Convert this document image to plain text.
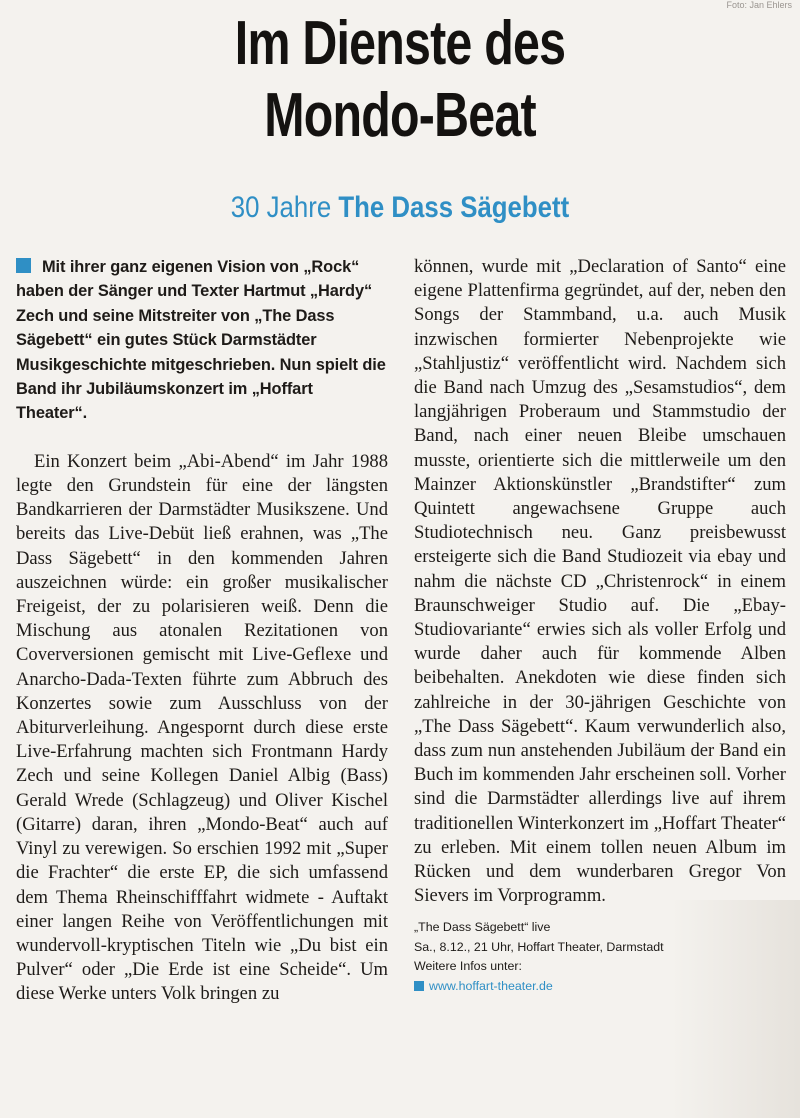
Foto: Jan Ehlers
Im Dienste des
Mondo-Beat
30 Jahre The Dass Sägebett

Mit ihrer ganz eigenen Vision von „Rock“ haben der Sänger und Texter Hartmut „Hardy“ Zech und seine Mitstreiter von „The Dass Sägebett“ ein gutes Stück Darmstädter Musikgeschichte mitgeschrieben. Nun spielt die Band ihr Jubiläumskonzert im „Hoffart Theater“.

Ein Konzert beim „Abi-Abend“ im Jahr 1988 legte den Grundstein für eine der längsten Bandkarrieren der Darmstädter Musikszene. Und bereits das Live-Debüt ließ erahnen, was „The Dass Sägebett“ in den kommenden Jahren auszeichnen würde: ein großer musikalischer Freigeist, der zu polarisieren weiß. Denn die Mischung aus atonalen Rezitationen von Coverversionen gemischt mit Live-Geflexe und Anarcho-Dada-Texten führte zum Abbruch des Konzertes sowie zum Ausschluss von der Abiturverleihung. Angespornt durch diese erste Live-Erfahrung machten sich Frontmann Hardy Zech und seine Kollegen Daniel Albig (Bass) Gerald Wrede (Schlagzeug) und Oliver Kischel (Gitarre) daran, ihren „Mondo-Beat“ auch auf Vinyl zu verewigen. So erschien 1992 mit „Super die Frachter“ die erste EP, die sich umfassend dem Thema Rheinschifffahrt widmete - Auftakt einer langen Reihe von Veröffentlichungen mit wundervoll-kryptischen Titeln wie „Du bist ein Pulver“ oder „Die Erde ist eine Scheide“. Um diese Werke unters Volk bringen zu

können, wurde mit „Declaration of Santo“ eine eigene Plattenfirma gegründet, auf der, neben den Songs der Stammband, u.a. auch Musik inzwischen formierter Nebenprojekte wie „Stahljustiz“ veröffentlicht wird. Nachdem sich die Band nach Umzug des „Sesamstudios“, dem langjährigen Proberaum und Stammstudio der Band, nach einer neuen Bleibe umschauen musste, orientierte sich die mittlerweile um den Mainzer Aktionskünstler „Brandstifter“ zum Quintett angewachsene Gruppe auch Studiotechnisch neu. Ganz preisbewusst ersteigerte sich die Band Studiozeit via ebay und nahm die nächste CD „Christenrock“ in einem Braunschweiger Studio auf. Die „Ebay-Studiovariante“ erwies sich als voller Erfolg und wurde daher auch für kommende Alben beibehalten. Anekdoten wie diese finden sich zahlreiche in der 30-jährigen Geschichte von „The Dass Sägebett“. Kaum verwunderlich also, dass zum nun anstehenden Jubiläum der Band ein Buch im kommenden Jahr erscheinen soll. Vorher sind die Darmstädter allerdings live auf ihrem traditionellen Winterkonzert im „Hoffart Theater“ zu erleben. Mit einem tollen neuen Album im Rücken und dem wunderbaren Gregor Von Sievers im Vorprogramm.

„The Dass Sägebett“ live
Sa., 8.12., 21 Uhr, Hoffart Theater, Darmstadt
Weitere Infos unter:
www.hoffart-theater.de
